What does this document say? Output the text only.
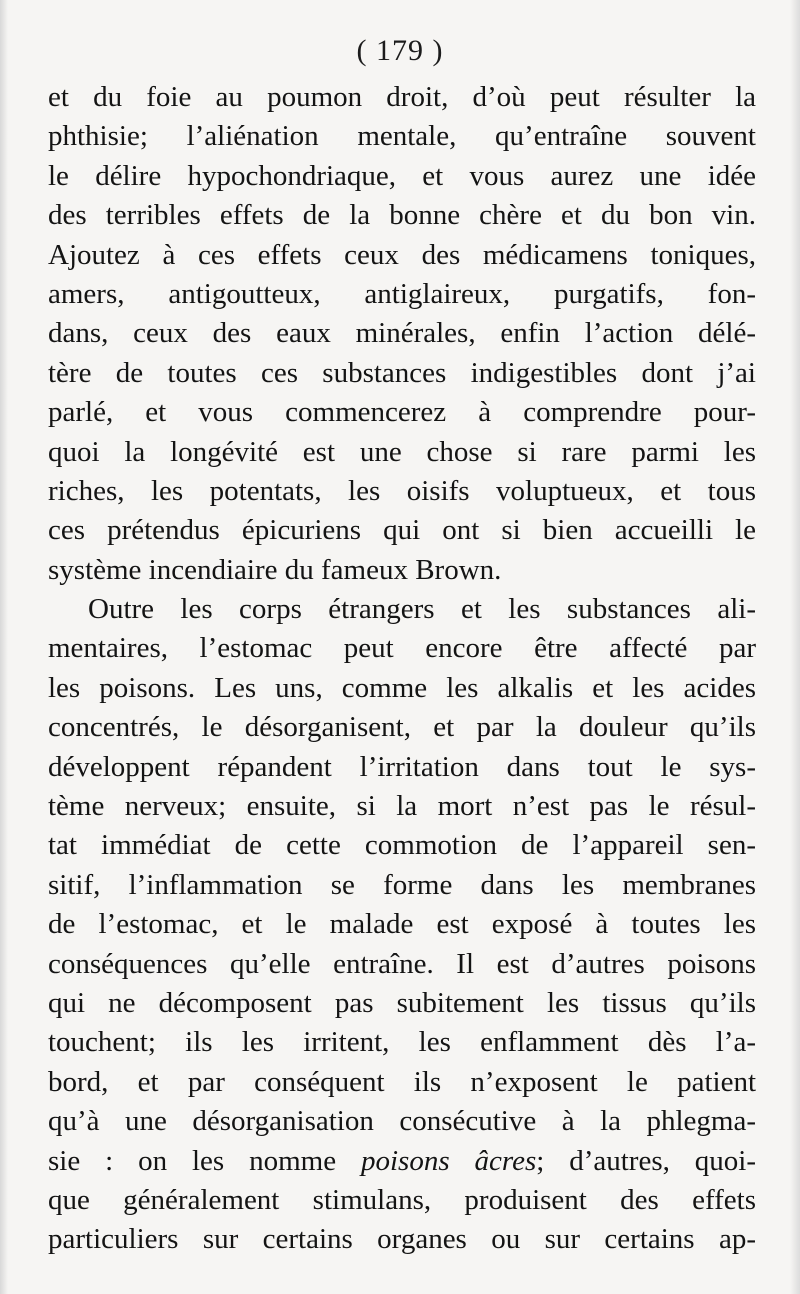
( 179 )
et du foie au poumon droit, d’où peut résulter la
phthisie; l’aliénation mentale, qu’entraîne souvent
le délire hypochondriaque, et vous aurez une idée
des terribles effets de la bonne chère et du bon vin.
Ajoutez à ces effets ceux des médicamens toniques,
amers, antigoutteux, antiglaireux, purgatifs, fon-
dans, ceux des eaux minérales, enfin l’action délé-
tère de toutes ces substances indigestibles dont j’ai
parlé, et vous commencerez à comprendre pour-
quoi la longévité est une chose si rare parmi les
riches, les potentats, les oisifs voluptueux, et tous
ces prétendus épicuriens qui ont si bien accueilli le
système incendiaire du fameux Brown.
Outre les corps étrangers et les substances ali-
mentaires, l’estomac peut encore être affecté par
les poisons. Les uns, comme les alkalis et les acides
concentrés, le désorganisent, et par la douleur qu’ils
développent répandent l’irritation dans tout le sys-
tème nerveux; ensuite, si la mort n’est pas le résul-
tat immédiat de cette commotion de l’appareil sen-
sitif, l’inflammation se forme dans les membranes
de l’estomac, et le malade est exposé à toutes les
conséquences qu’elle entraîne. Il est d’autres poisons
qui ne décomposent pas subitement les tissus qu’ils
touchent; ils les irritent, les enflamment dès l’a-
bord, et par conséquent ils n’exposent le patient
qu’à une désorganisation consécutive à la phlegma-
sie : on les nomme poisons âcres; d’autres, quoi-
que généralement stimulans, produisent des effets
particuliers sur certains organes ou sur certains ap-
